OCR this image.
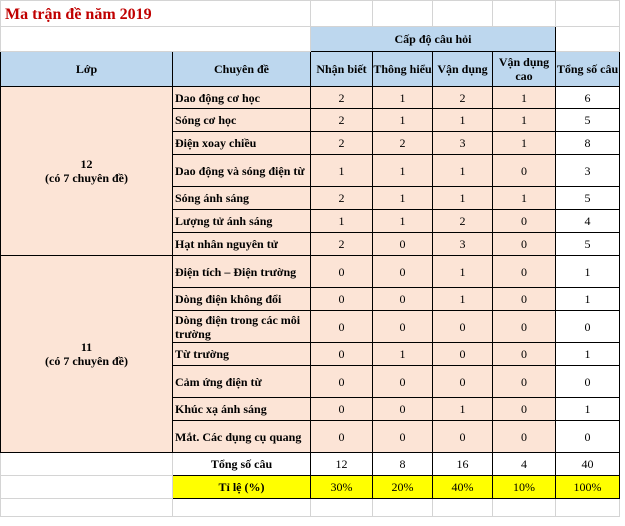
		Cấp độ câu hỏi				
Lớp	Chuyên đề	Nhận biết	Thông hiểu	Vận dụng	Vận dụng cao	Tổng số câu

12
(có 7 chuyên đề)	Dao động cơ học	2	1	2	1	6
	Sóng cơ học	2	1	1	1	5
	Điện xoay chiều	2	2	3	1	8
	Dao động và sóng điện từ	1	1	1	0	3
	Sóng ánh sáng	2	1	1	1	5
	Lượng tử ánh sáng	1	1	2	0	4
	Hạt nhân nguyên tử	2	0	3	0	5

11
(có 7 chuyên đề)	Điện tích – Điện trường	0	0	1	0	1
	Dòng điện không đổi	0	0	1	0	1
	Dòng điện trong các môi trường	0	0	0	0	0
	Từ trường	0	1	0	0	1
	Cảm ứng điện từ	0	0	0	0	0
	Khúc xạ ánh sáng	0	0	1	0	1
	Mắt. Các dụng cụ quang	0	0	0	0	0
	Tổng số câu	12	8	16	4	40
	Tỉ lệ (%)	30%	20%	40%	10%	100%

Ma trận đề năm 2019
